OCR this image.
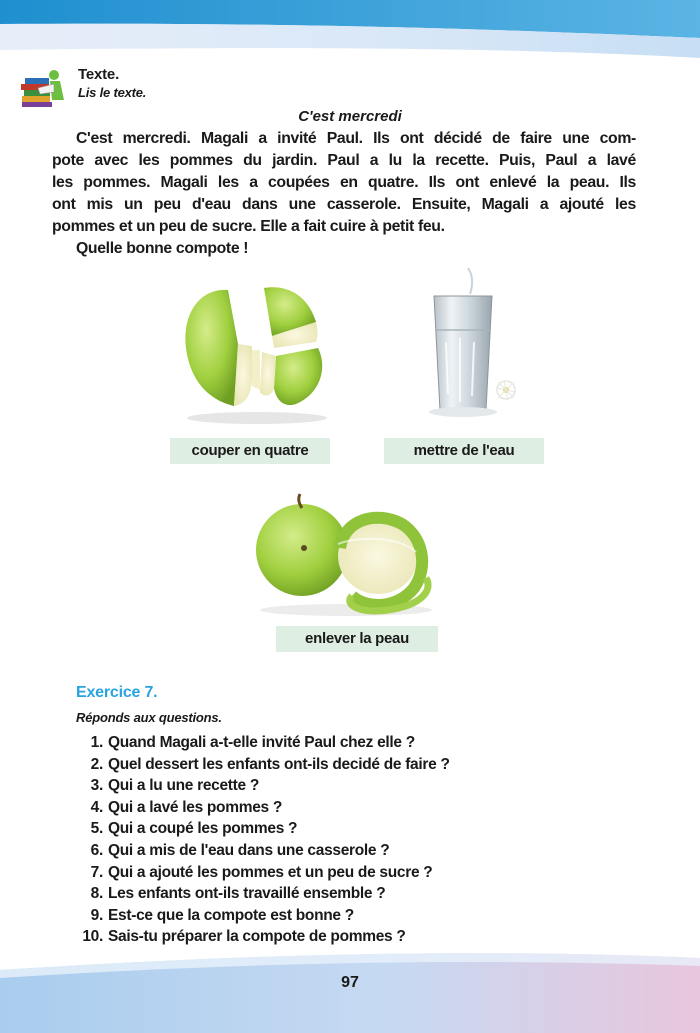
Texte.
Lis le texte.
C'est mercredi
C'est mercredi. Magali a invité Paul. Ils ont décidé de faire une com-
pote avec les pommes du jardin. Paul a lu la recette. Puis, Paul a lavé
les pommes. Magali les a coupées en quatre. Ils ont enlevé la peau. Ils
ont mis un peu d'eau dans une casserole. Ensuite, Magali a ajouté les
pommes et un peu de sucre. Elle a fait cuire à petit feu.
Quelle bonne compote !
couper en quatre	mettre de l'eau
enlever la peau
Exercice 7.
Réponds aux questions.
1. Quand Magali a-t-elle invité Paul chez elle ?
2. Quel dessert les enfants ont-ils decidé de faire ?
3. Qui a lu une recette ?
4. Qui a lavé les pommes ?
5. Qui a coupé les pommes ?
6. Qui a mis de l'eau dans une casserole ?
7. Qui a ajouté les pommes et un peu de sucre ?
8. Les enfants ont-ils travaillé ensemble ?
9. Est-ce que la compote est bonne ?
10. Sais-tu préparer la compote de pommes ?
97
